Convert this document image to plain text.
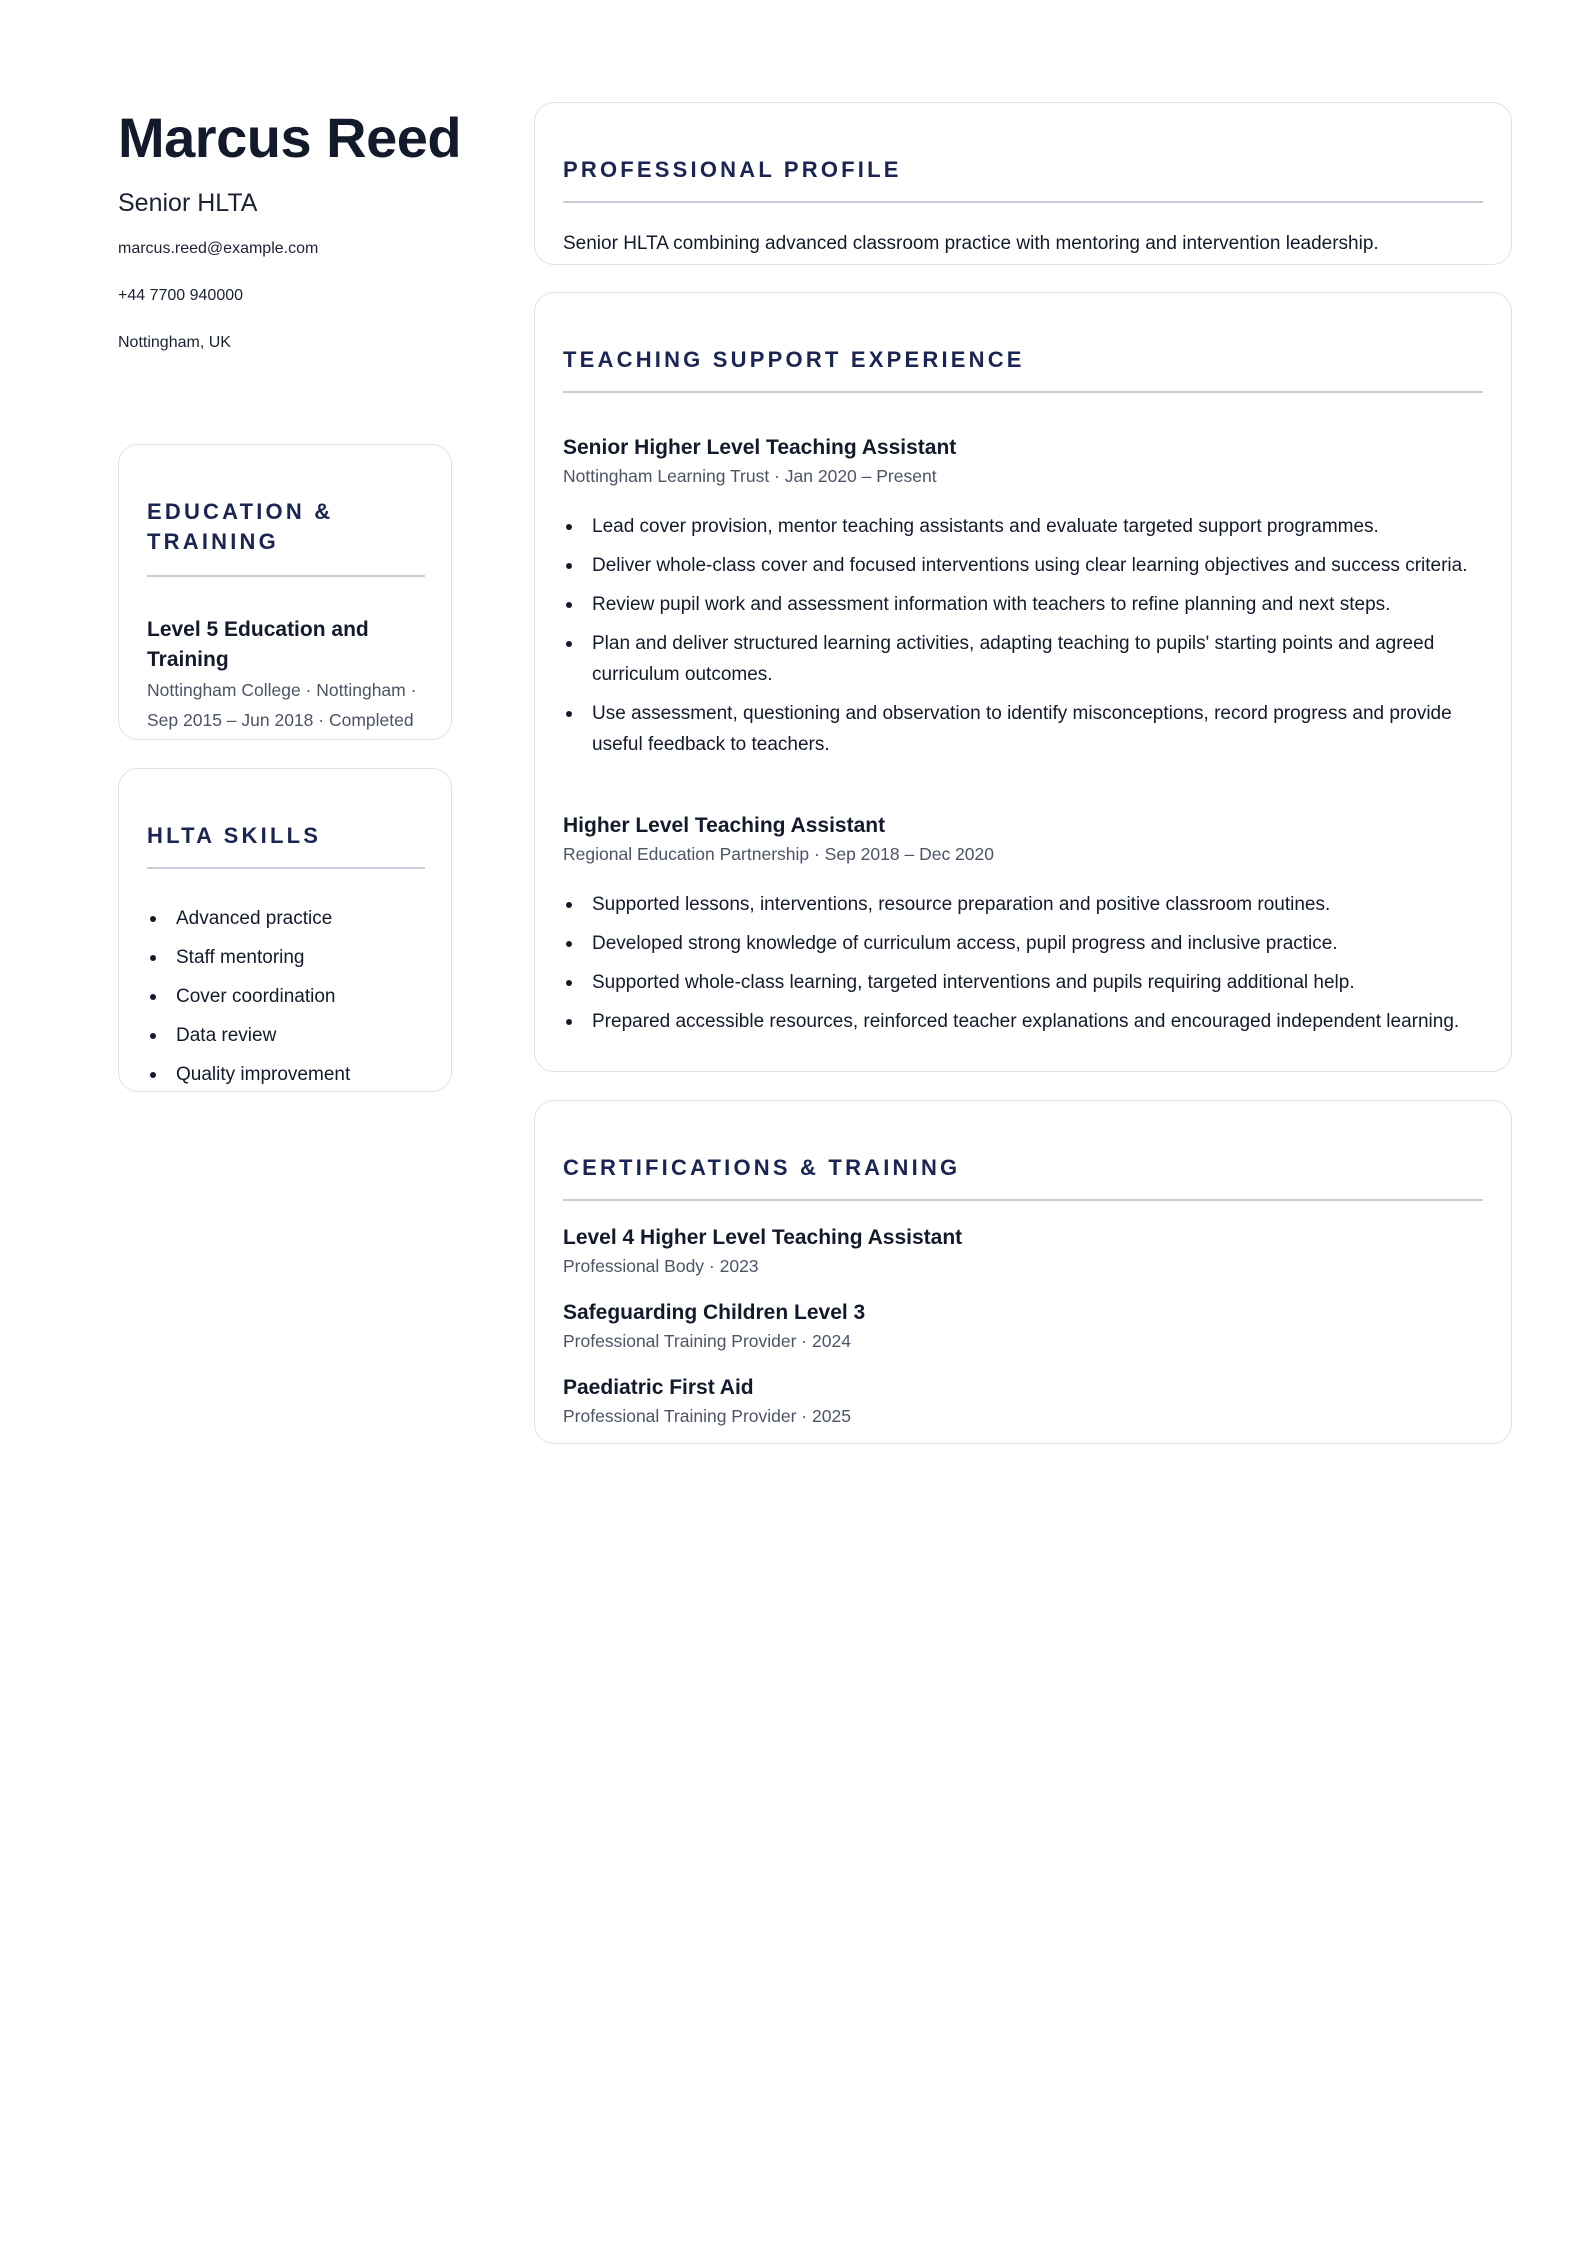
Marcus Reed
Senior HLTA
marcus.reed@example.com
+44 7700 940000
Nottingham, UK
EDUCATION & TRAINING
Level 5 Education and Training
Nottingham College · Nottingham · Sep 2015 – Jun 2018 · Completed
HLTA SKILLS
Advanced practice
Staff mentoring
Cover coordination
Data review
Quality improvement
PROFESSIONAL PROFILE

Senior HLTA combining advanced classroom practice with mentoring and intervention leadership.

TEACHING SUPPORT EXPERIENCE
Senior Higher Level Teaching Assistant
Nottingham Learning Trust · Jan 2020 – Present
Lead cover provision, mentor teaching assistants and evaluate targeted support programmes.
Deliver whole-class cover and focused interventions using clear learning objectives and success criteria.
Review pupil work and assessment information with teachers to refine planning and next steps.
Plan and deliver structured learning activities, adapting teaching to pupils' starting points and agreed curriculum outcomes.
Use assessment, questioning and observation to identify misconceptions, record progress and provide useful feedback to teachers.
Higher Level Teaching Assistant
Regional Education Partnership · Sep 2018 – Dec 2020
Supported lessons, interventions, resource preparation and positive classroom routines.
Developed strong knowledge of curriculum access, pupil progress and inclusive practice.
Supported whole-class learning, targeted interventions and pupils requiring additional help.
Prepared accessible resources, reinforced teacher explanations and encouraged independent learning.
CERTIFICATIONS & TRAINING
Level 4 Higher Level Teaching Assistant
Professional Body · 2023
Safeguarding Children Level 3
Professional Training Provider · 2024
Paediatric First Aid
Professional Training Provider · 2025
